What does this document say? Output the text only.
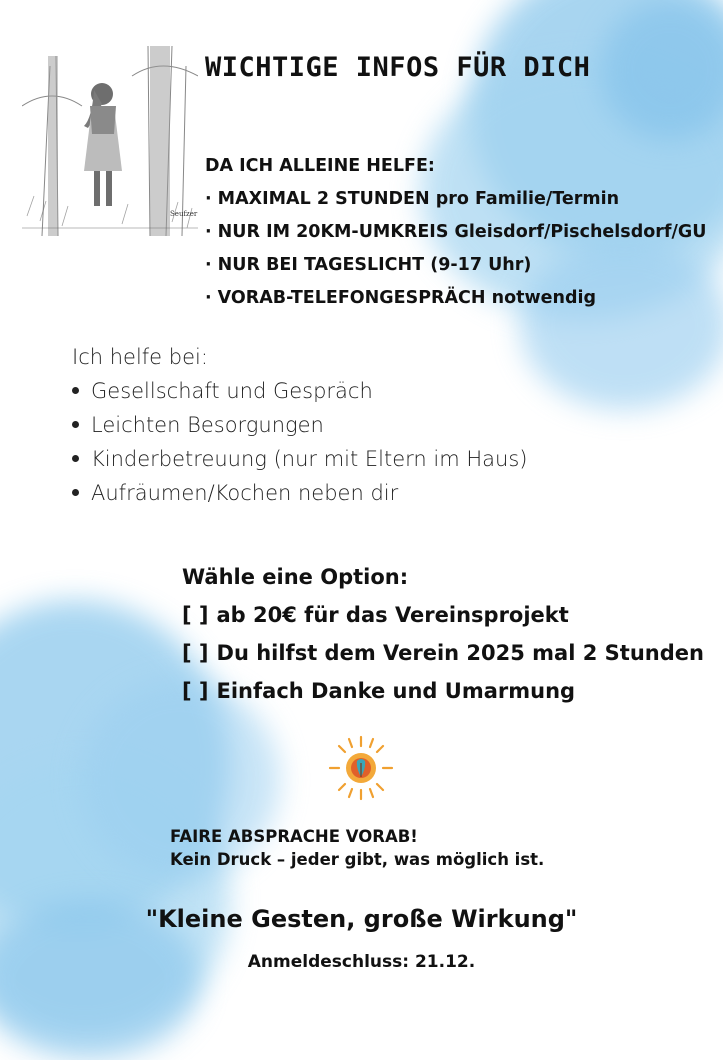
Seufzer
WICHTIGE INFOS FÜR DICH
DA ICH ALLEINE HELFE:
· MAXIMAL 2 STUNDEN pro Familie/Termin
· NUR IM 20KM-UMKREIS Gleisdorf/Pischelsdorf/GU
· NUR BEI TAGESLICHT (9-17 Uhr)
· VORAB-TELEFONGESPRÄCH notwendig
Ich helfe bei:
Gesellschaft und Gespräch
Leichten Besorgungen
Kinderbetreuung (nur mit Eltern im Haus)
Aufräumen/Kochen neben dir
Wähle eine Option:
[ ] ab 20€ für das Vereinsprojekt
[ ] Du hilfst dem Verein 2025 mal 2 Stunden
[ ] Einfach Danke und Umarmung
FAIRE ABSPRACHE VORAB!
Kein Druck – jeder gibt, was möglich ist.
"Kleine Gesten, große Wirkung"
Anmeldeschluss: 21.12.
